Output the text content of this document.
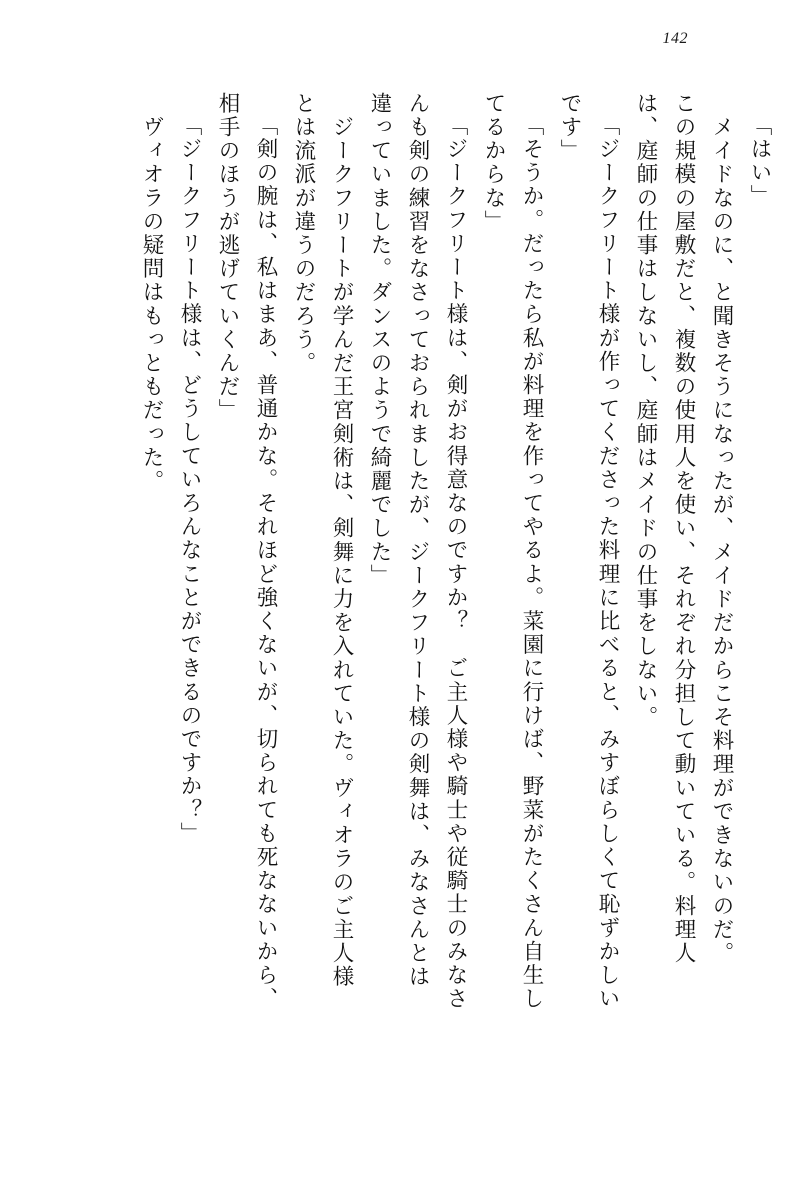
142
「はい」
　メイドなのに、と聞きそうになったが、メイドだからこそ料理ができないのだ。
この規模の屋敷だと、複数の使用人を使い、それぞれ分担して動いている。料理人
は、庭師の仕事はしないし、庭師はメイドの仕事をしない。
「ジークフリート様が作ってくださった料理に比べると、みすぼらしくて恥ずかしい
です」
「そうか。だったら私が料理を作ってやるよ。菜園に行けば、野菜がたくさん自生し
てるからな」
「ジークフリート様は、剣がお得意なのですか？　ご主人様や騎士や従騎士のみなさ
んも剣の練習をなさっておられましたが、ジークフリート様の剣舞は、みなさんとは
違っていました。ダンスのようで綺麗でした」
　ジークフリートが学んだ王宮剣術は、剣舞に力を入れていた。ヴィオラのご主人様
とは流派が違うのだろう。
「剣の腕は、私はまあ、普通かな。それほど強くないが、切られても死なないから、
相手のほうが逃げていくんだ」
「ジークフリート様は、どうしていろんなことができるのですか？」
　ヴィオラの疑問はもっともだった。
